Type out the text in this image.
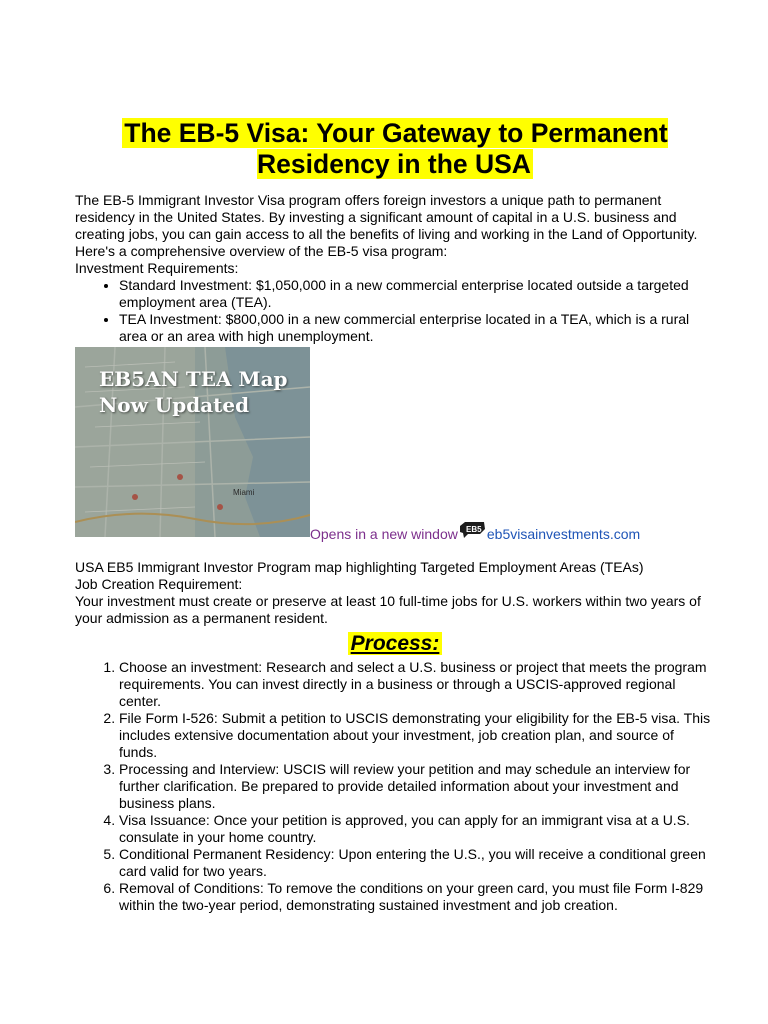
The EB-5 Visa: Your Gateway to Permanent Residency in the USA

The EB-5 Immigrant Investor Visa program offers foreign investors a unique path to permanent residency in the United States. By investing a significant amount of capital in a U.S. business and creating jobs, you can gain access to all the benefits of living and working in the Land of Opportunity.

Here's a comprehensive overview of the EB-5 visa program:

Investment Requirements:

• Standard Investment: $1,050,000 in a new commercial enterprise located outside a targeted employment area (TEA).
• TEA Investment: $800,000 in a new commercial enterprise located in a TEA, which is a rural area or an area with high unemployment.
EB5AN TEA Map
Now Updated
Miami
Opens in a new window EB5 eb5visainvestments.com

USA EB5 Immigrant Investor Program map highlighting Targeted Employment Areas (TEAs)

Job Creation Requirement:

Your investment must create or preserve at least 10 full-time jobs for U.S. workers within two years of your admission as a permanent resident.

Process:
1. Choose an investment: Research and select a U.S. business or project that meets the program requirements. You can invest directly in a business or through a USCIS-approved regional center.
2. File Form I-526: Submit a petition to USCIS demonstrating your eligibility for the EB-5 visa. This includes extensive documentation about your investment, job creation plan, and source of funds.
3. Processing and Interview: USCIS will review your petition and may schedule an interview for further clarification. Be prepared to provide detailed information about your investment and business plans.
4. Visa Issuance: Once your petition is approved, you can apply for an immigrant visa at a U.S. consulate in your home country.
5. Conditional Permanent Residency: Upon entering the U.S., you will receive a conditional green card valid for two years.
6. Removal of Conditions: To remove the conditions on your green card, you must file Form I-829 within the two-year period, demonstrating sustained investment and job creation.
